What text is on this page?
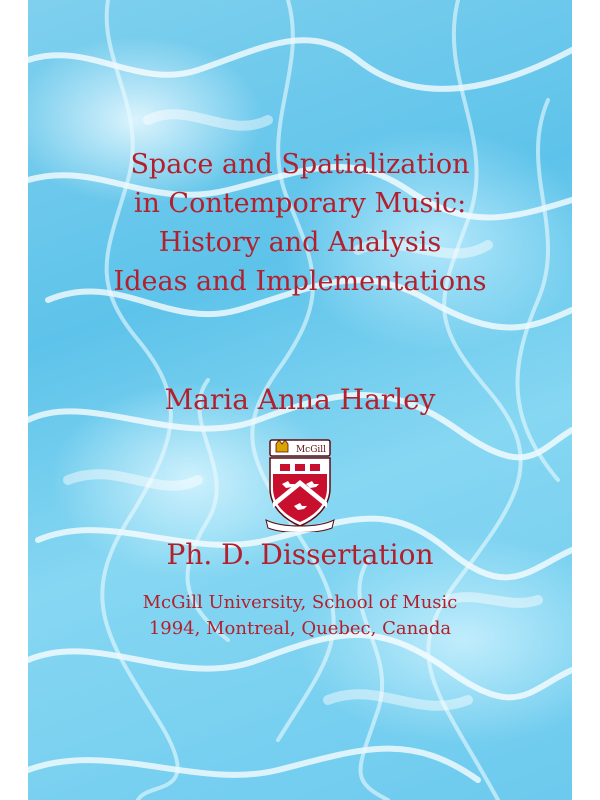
Space and Spatialization
in Contemporary Music:
History and Analysis
Ideas and Implementations
Maria Anna Harley
McGill
Ph. D. Dissertation
McGill University, School of Music
1994, Montreal, Quebec, Canada
